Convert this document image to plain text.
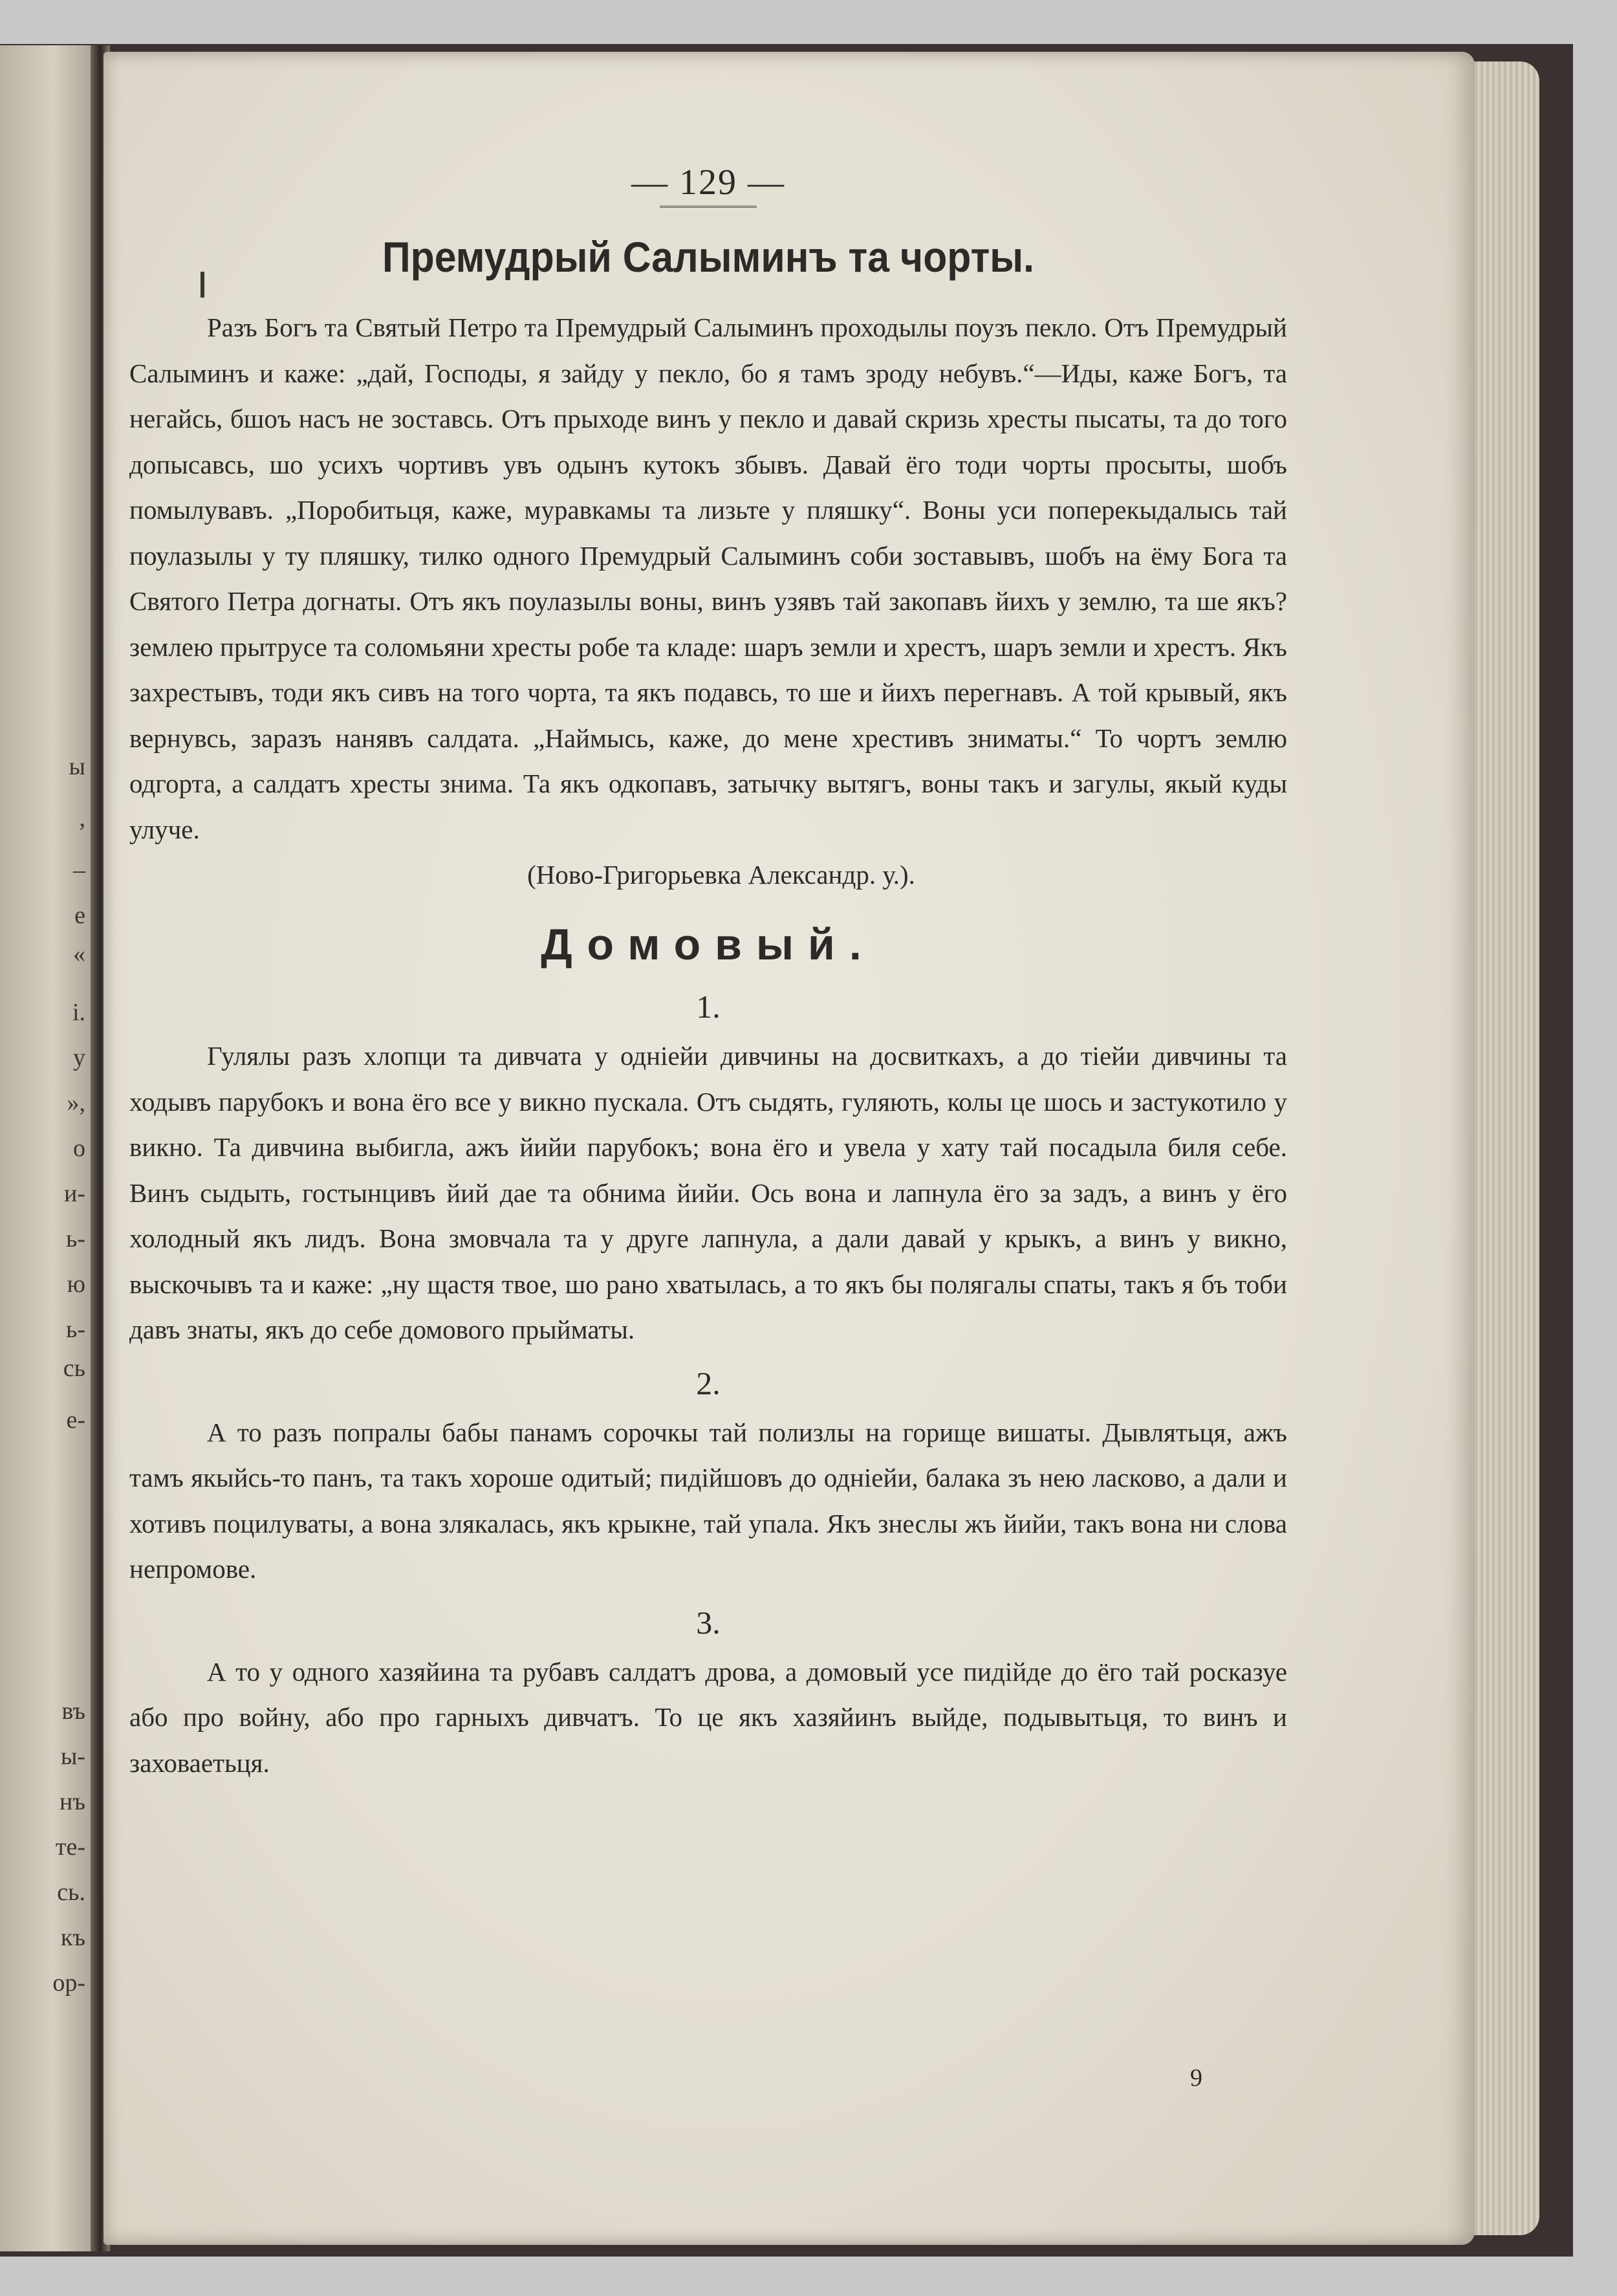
ы
,
–
е
«
і.
у
»,
о
и-
ь-
ю
ь-
сь
е-
въ
ы-
нъ
те-
сь.
къ
ор-
— 129 —
Премудрый Салыминъ та чорты.

Разъ Богъ та Святый Петро та Премудрый Салыминъ проходылы поузъ пекло. Отъ Премудрый Салыминъ и каже: „дай, Господы, я зайду у пекло, бо я тамъ зроду небувъ.“—Иды, каже Богъ, та негайсь, бшоъ насъ не зоставсь. Отъ прыходе винъ у пекло и давай скризь хресты пысаты, та до того допысавсь, шо усихъ чортивъ увъ одынъ кутокъ збывъ. Давай ёго тоди чорты просыты, шобъ помылувавъ. „Поробитьця, каже, муравкамы та лизьте у пляшку“. Воны уси поперекыдалысь тай поулазылы у ту пляшку, тилко одного Премудрый Салыминъ соби зоставывъ, шобъ на ёму Бога та Святого Петра догнаты. Отъ якъ поулазылы воны, винъ узявъ тай закопавъ йихъ у землю, та ше якъ? землею прытрусе та соломьяни хресты робе та кладе: шаръ земли и хрестъ, шаръ земли и хрестъ. Якъ захрестывъ, тоди якъ сивъ на того чорта, та якъ подавсь, то ше и йихъ перегнавъ. А той крывый, якъ вернувсь, заразъ нанявъ салдата. „Наймысь, каже, до мене хрестивъ зниматы.“ То чортъ землю одгорта, а салдатъ хресты знима. Та якъ одкопавъ, затычку вытягъ, воны такъ и загулы, якый куды улуче.

(Ново-Григорьевка Александр. у.).
Домовый.
1.

Гулялы разъ хлопци та дивчата у однiейи дивчины на досвиткахъ, а до тiейи дивчины та ходывъ парубокъ и вона ёго все у викно пускала. Отъ сыдять, гуляють, колы це шось и застукотило у викно. Та дивчина выбигла, ажъ йийи парубокъ; вона ёго и увела у хату тай посадыла биля себе. Винъ сыдыть, гостынцивъ йий дае та обнима йийи. Ось вона и лапнула ёго за задъ, а винъ у ёго холодный якъ лидъ. Вона змовчала та у друге лапнула, а дали давай у крыкъ, а винъ у викно, выскочывъ та и каже: „ну щастя твое, шо рано хватылась, а то якъ бы полягалы спаты, такъ я бъ тоби давъ знаты, якъ до себе домового прыйматы.

2.

А то разъ попралы бабы панамъ сорочкы тай полизлы на горище вишаты. Дывлятьця, ажъ тамъ якыйсь-то панъ, та такъ хороше одитый; пидійшовъ до однiейи, балака зъ нею ласково, а дали и хотивъ поцилуваты, а вона злякалась, якъ крыкне, тай упала. Якъ знеслы жъ йийи, такъ вона ни слова непромове.

3.

А то у одного хазяйина та рубавъ салдатъ дрова, а домовый усе пидійде до ёго тай росказуе або про войну, або про гарныхъ дивчатъ. То це якъ хазяйинъ выйде, подывытьця, то винъ и заховаетьця.

9
